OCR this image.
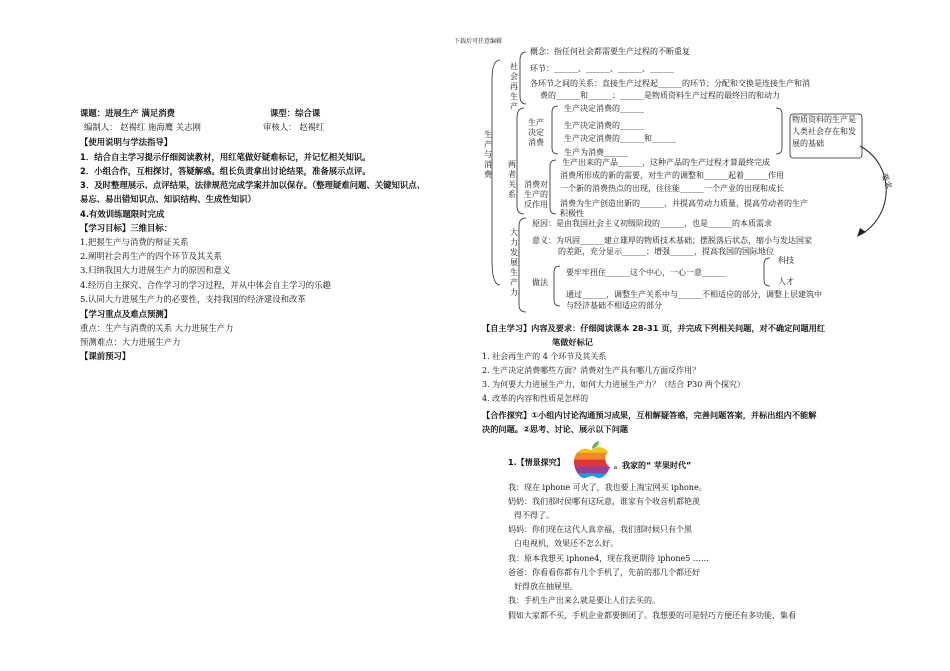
下载后可任意编辑
课题：进展生产 满足消费	课型：综合课
编制人： 赵裼红 施海鹰 关志刚	审核人： 赵裼红
【使用说明与学法指导】
1．结合自主学习提示仔细阅读教材，用红笔做好疑难标记，并记忆相关知识。
2．小组合作，互相探讨，答疑解惑。组长负责拿出讨论结果，准备展示点评。
3．及时整理展示、点评结果，法律规范完成学案并加以保存。（整理疑难问题、关键知识点、
易忘、易出错知识点、知识结构、生成性知识）
4.有效训练题限时完成
【学习目标】三维目标：
1.把握生产与消费的辩证关系
2.阐明社会再生产的四个环节及其关系
3.归纳我国大力进展生产力的原因和意义
4.经历自主探究、合作学习的学习过程，并从中体会自主学习的乐趣
5.认同大力进展生产力的必要性，支持我国的经济建设和改革
【学习重点及难点预测】
重点：生产与消费的关系 大力进展生产力
预测难点：大力进展生产力
【课前预习】
生产与消费
社会再生产
概念：指任何社会都需要生产过程的不断重复
环节：______、______、______、______
各环节之间的关系：直接生产过程起______的环节；分配和交换是连接生产和消
费的______和______；______是物质资料生产过程的最终目的和动力
两者关系
生产决定消费
生产决定消费的______
生产决定消费的______
生产决定消费的______和______
生产为消费______
物质资料的生产是人类社会存在和发展的基础
消费对生产的反作用
生产出来的产品______，这种产品的生产过程才算最终完成
消费所形成的新的需要，对生产的调整和______起着______作用
一个新的消费热点的出现，往往能______一个产业的出现和成长
消费为生产创造出新的______，并提高劳动力质量，提高劳动者的生产
积极性
要求
大力发展生产力
原因：是由我国社会主义初级阶段的______，也是______的本质需求
意义：为巩固______建立雄厚的物质技术基础；摆脱落后状态，缩小与发达国家
的差距，充分显示______；增强______，提高我国的国际地位
做法
要牢牢扭住______这个中心，一心一意______
科技
人才
通过______，调整生产关系中与______不相适应的部分，调整上层建筑中
与经济基础不相适应的部分
【自主学习】内容及要求：仔细阅读课本 28-31 页，并完成下列相关问题，对不确定问题用红
笔做好标记
1. 社会再生产的 4 个环节及其关系
2. 生产决定消费哪些方面？消费对生产具有哪几方面反作用？
3. 为何要大力进展生产力，如何大力进展生产力？（结合 P30 两个探究）
4. 改革的内容和性质是怎样的
【合作探究】①小组内讨论沟通预习成果，互相解疑答惑，完善问题答案，并标出组内不能解
决的问题。②思考、讨论、展示以下问题
1.【情景探究】	。我家的“ 苹果时代”
我：现在 iphone 可火了，我也要上淘宝网买 iphone。
奶奶：我们那时侯哪有这玩意，谁家有个收音机都艳羡
得不得了。
妈妈：你们现在这代人真幸福，我们那时候只有个黑
白电视机，效果还不怎么好。
我：原本我想买 iphone4，现在我更期待 iphone5 ……
爸爸：你看看你都有几个手机了，先前的那几个都还好
好得放在抽屉里。
我：手机生产出来么就是要让人们去买的。
假如大家都不买，手机企业都要倒闭了。我想要的可是轻巧方便还有多功能，集看
